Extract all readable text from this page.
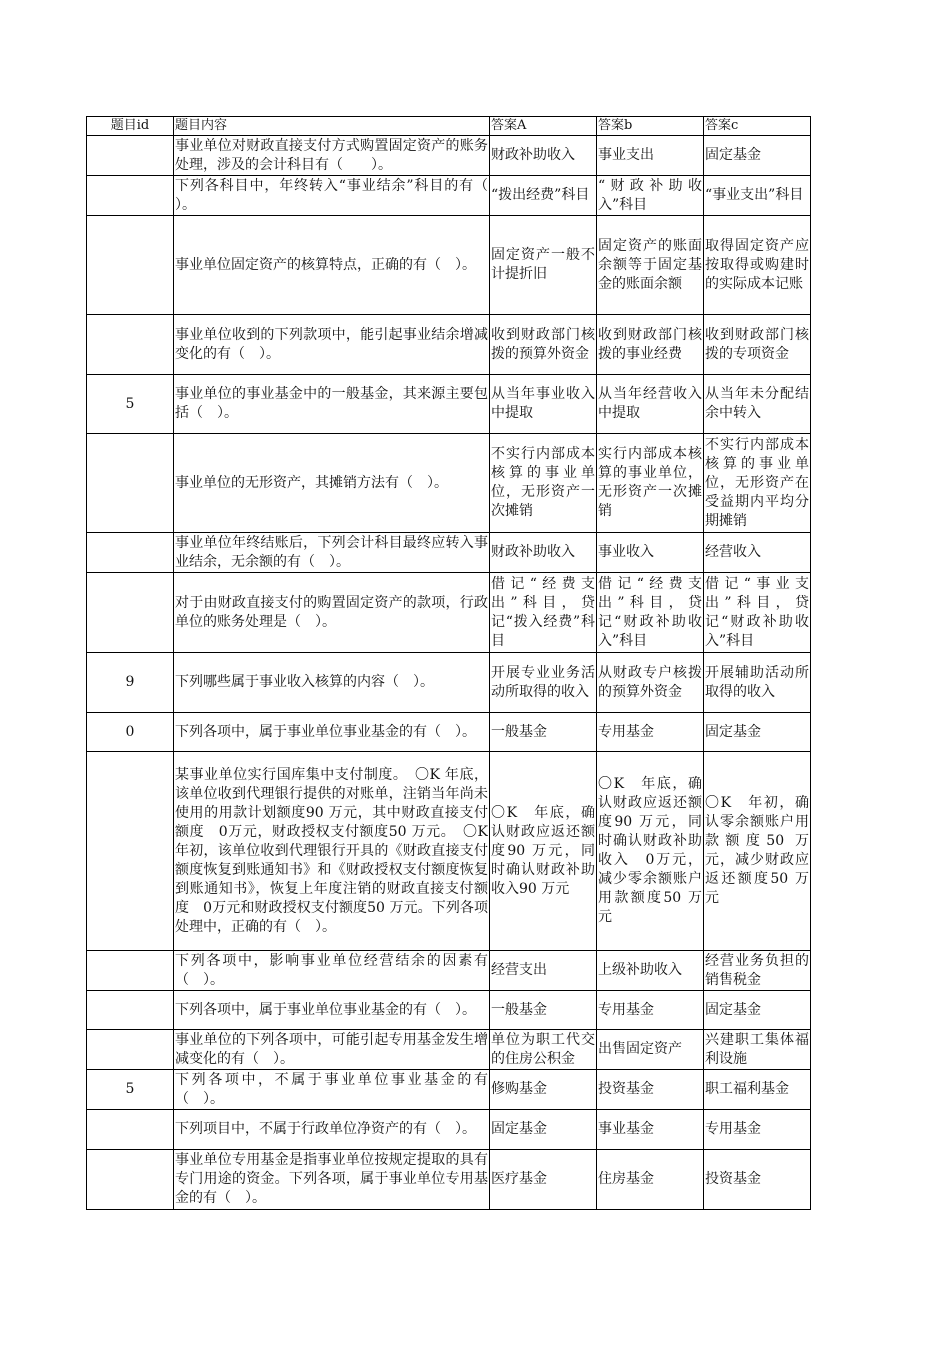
题目id	题目内容	答案A	答案b	答案c

	事业单位对财政直接支付方式购置固定资产的账务处理，涉及的会计科目有（　　）。	财政补助收入	事业支出	固定基金

	下列各科目中，年终转入“事业结余”科目的有（　　）。	“拨出经费”科目	“财政补助收入”科目	“事业支出”科目

	事业单位固定资产的核算特点，正确的有（　）。	固定资产一般不计提折旧	固定资产的账面余额等于固定基金的账面余额	取得固定资产应按取得或购建时的实际成本记账

	事业单位收到的下列款项中，能引起事业结余增减变化的有（　）。	收到财政部门核拨的预算外资金	收到财政部门核拨的事业经费	收到财政部门核拨的专项资金

5	事业单位的事业基金中的一般基金，其来源主要包括（　）。	从当年事业收入中提取	从当年经营收入中提取	从当年未分配结余中转入

	事业单位的无形资产，其摊销方法有（　）。	不实行内部成本核算的事业单位，无形资产一次摊销	实行内部成本核算的事业单位，无形资产一次摊销	不实行内部成本核算的事业单位，无形资产在受益期内平均分期摊销

	事业单位年终结账后，下列会计科目最终应转入事业结余，无余额的有（　）。	财政补助收入	事业收入	经营收入

	对于由财政直接支付的购置固定资产的款项，行政单位的账务处理是（　）。	借记“经费支出”科目，贷记“拨入经费”科目	借记“经费支出”科目，贷记“财政补助收入”科目	借记“事业支出”科目，贷记“财政补助收入”科目

9	下列哪些属于事业收入核算的内容（　）。	开展专业业务活动所取得的收入	从财政专户核拨的预算外资金	开展辅助活动所取得的收入

0	下列各项中，属于事业单位事业基金的有（　）。	一般基金	专用基金	固定基金

	某事业单位实行国库集中支付制度。　〇K 年底，该单位收到代理银行提供的对账单，注销当年尚未使用的用款计划额度90 万元，其中财政直接支付额度　0万元，财政授权支付额度50 万元。　〇K　年初，该单位收到代理银行开具的《财政直接支付额度恢复到账通知书》和《财政授权支付额度恢复到账通知书》，恢复上年度注销的财政直接支付额度　0万元和财政授权支付额度50 万元。下列各项处理中，正确的有（　）。	〇K　年底，确认财政应返还额度90 万元，同时确认财政补助收入90 万元	〇K　年底，确认财政应返还额度90 万元，同时确认财政补助收入　0万元，减少零余额账户用款额度50 万元	〇K　年初，确认零余额账户用款额度50 万元，减少财政应返还额度50 万元

	下列各项中，影响事业单位经营结余的因素有（　）。	经营支出	上级补助收入	经营业务负担的销售税金

	下列各项中，属于事业单位事业基金的有（　）。	一般基金	专用基金	固定基金

	事业单位的下列各项中，可能引起专用基金发生增减变化的有（　）。	单位为职工代交的住房公积金	出售固定资产	兴建职工集体福利设施

5	下列各项中，不属于事业单位事业基金的有（　）。	修购基金	投资基金	职工福利基金

	下列项目中，不属于行政单位净资产的有（　）。	固定基金	事业基金	专用基金

	事业单位专用基金是指事业单位按规定提取的具有专门用途的资金。下列各项，属于事业单位专用基金的有（　）。	医疗基金	住房基金	投资基金
